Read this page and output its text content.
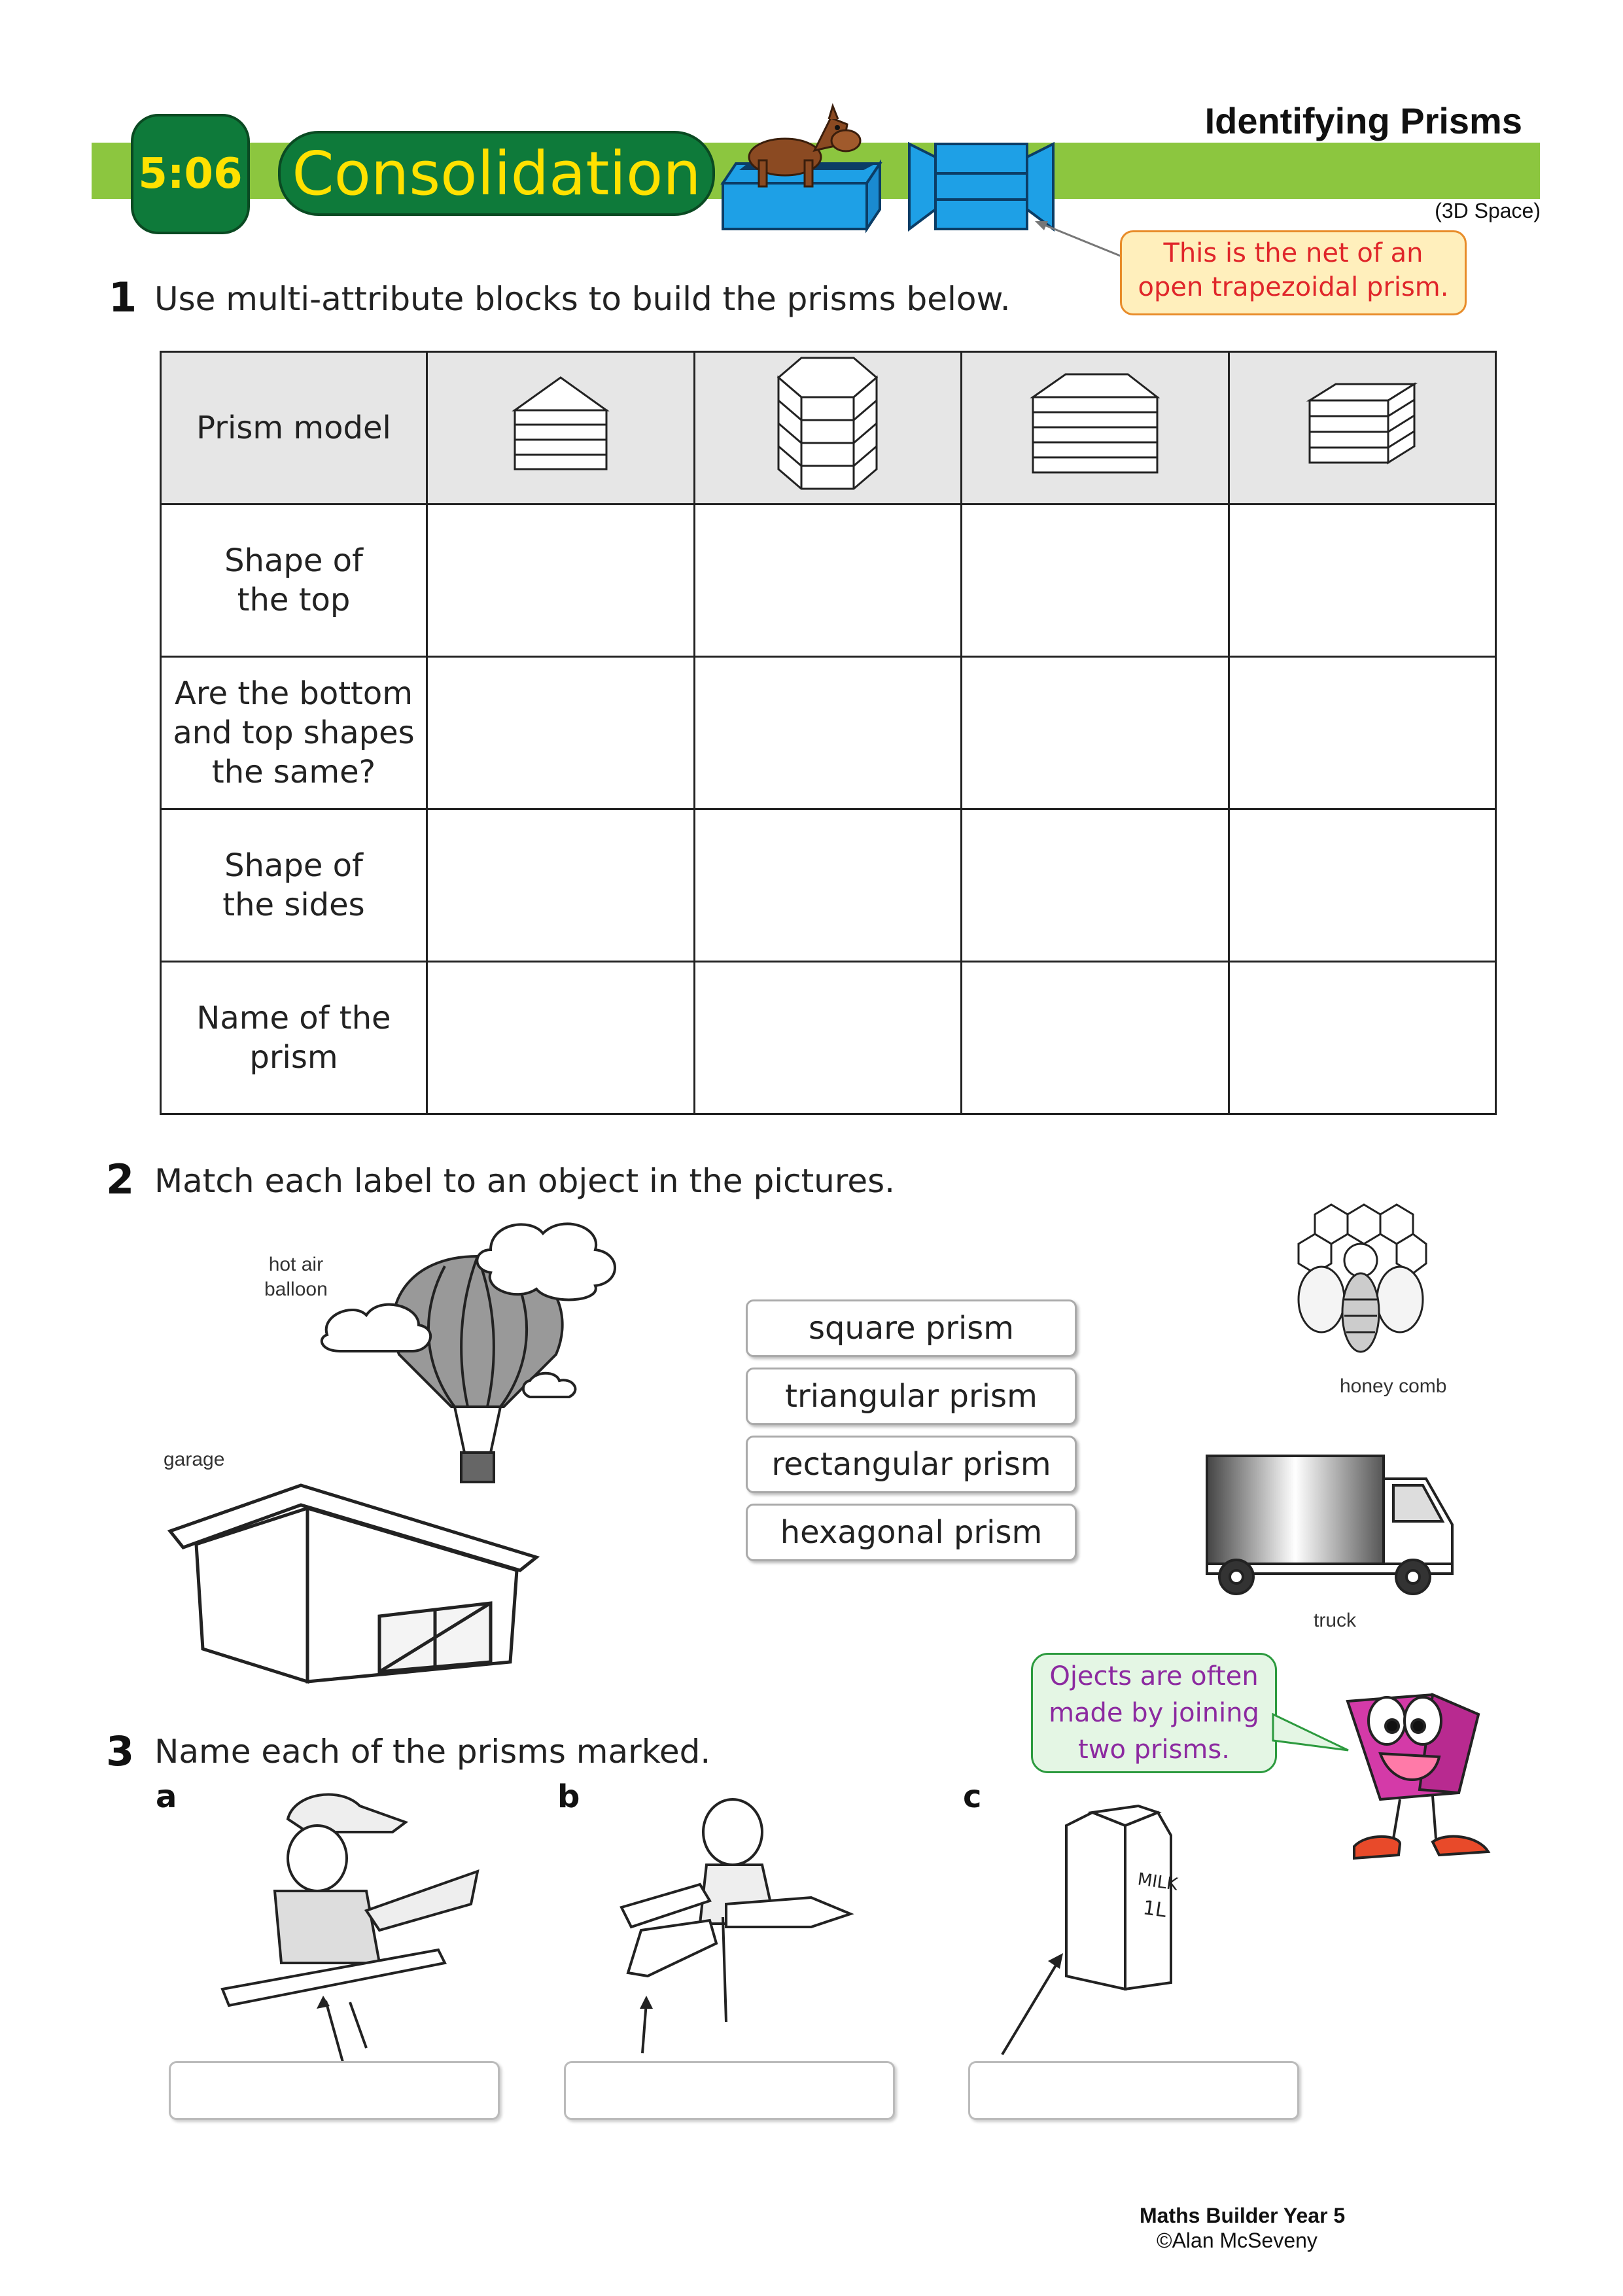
5:06 Consolidation
Identifying Prisms
(3D Space)
This is the net of an
open trapezoidal prism.
1 Use multi-attribute blocks to build the prisms below.
Prism model

Shape of
the top				

Are the bottom
and top shapes
the same?				

Shape of
the sides				

Name of the
prism				

2 Match each label to an object in the pictures.
hot air
balloon
garage
square prism
triangular prism
rectangular prism
hexagonal prism
honey comb
truck
3 Name each of the prisms marked.
a	b	c
MILK
1L
Ojects are often
made by joining
two prisms.
Maths Builder Year 5
©Alan McSeveny
